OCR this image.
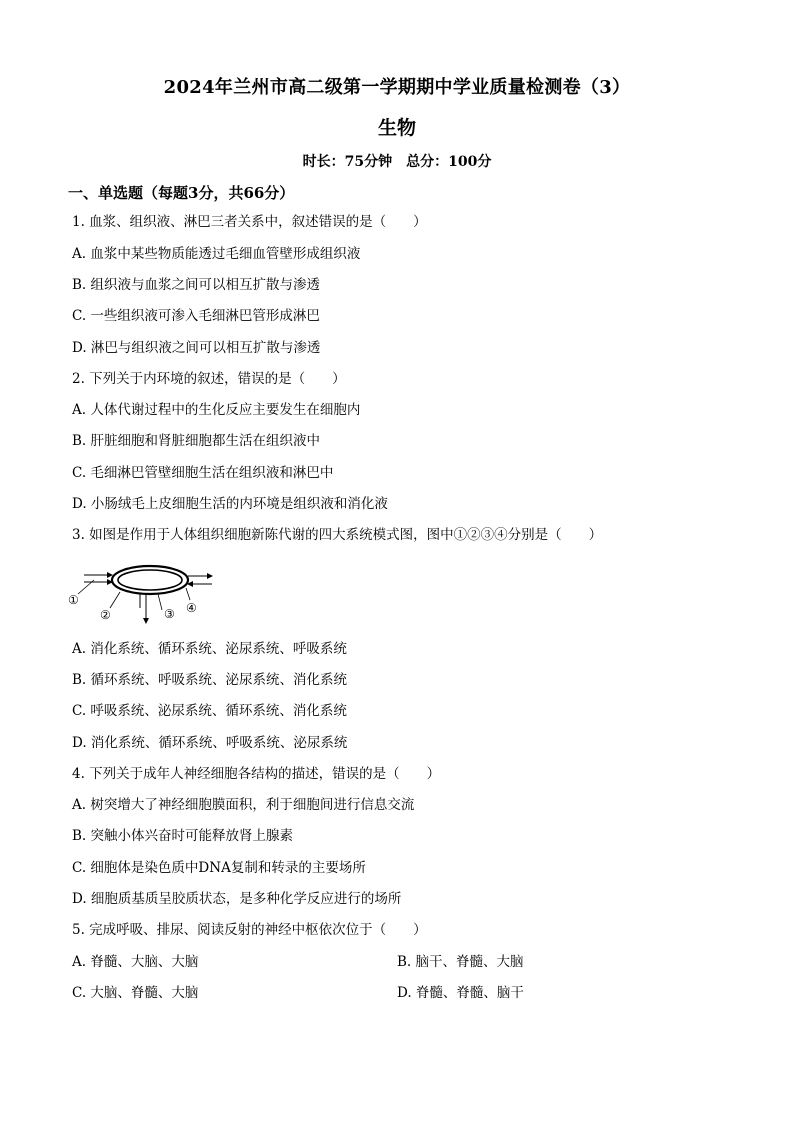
2024年兰州市高二级第一学期期中学业质量检测卷（3）
生物
时长：75分钟 总分：100分
一、单选题（每题3分，共66分）
1. 血浆、组织液、淋巴三者关系中，叙述错误的是（　　）
A. 血浆中某些物质能透过毛细血管壁形成组织液
B. 组织液与血浆之间可以相互扩散与渗透
C. 一些组织液可渗入毛细淋巴管形成淋巴
D. 淋巴与组织液之间可以相互扩散与渗透
2. 下列关于内环境的叙述，错误的是（　　）
A. 人体代谢过程中的生化反应主要发生在细胞内
B. 肝脏细胞和肾脏细胞都生活在组织液中
C. 毛细淋巴管壁细胞生活在组织液和淋巴中
D. 小肠绒毛上皮细胞生活的内环境是组织液和消化液
3. 如图是作用于人体组织细胞新陈代谢的四大系统模式图，图中①②③④分别是（　　）
①
②	③ ④
A. 消化系统、循环系统、泌尿系统、呼吸系统
B. 循环系统、呼吸系统、泌尿系统、消化系统
C. 呼吸系统、泌尿系统、循环系统、消化系统
D. 消化系统、循环系统、呼吸系统、泌尿系统
4. 下列关于成年人神经细胞各结构的描述，错误的是（　　）
A. 树突增大了神经细胞膜面积，利于细胞间进行信息交流
B. 突触小体兴奋时可能释放肾上腺素
C. 细胞体是染色质中DNA复制和转录的主要场所
D. 细胞质基质呈胶质状态，是多种化学反应进行的场所
5. 完成呼吸、排尿、阅读反射的神经中枢依次位于（　　）
A. 脊髓、大脑、大脑	B. 脑干、脊髓、大脑
C. 大脑、脊髓、大脑	D. 脊髓、脊髓、脑干
